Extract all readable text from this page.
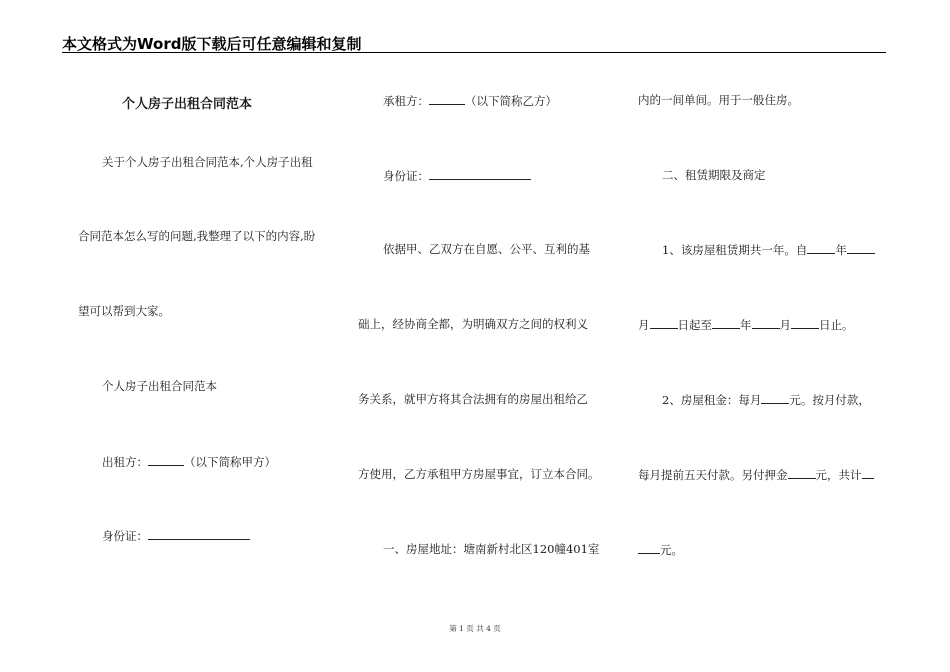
本文格式为Word版下载后可任意编辑和复制
个人房子出租合同范本
关于个人房子出租合同范本,个人房子出租
合同范本怎么写的问题,我整理了以下的内容,盼
望可以帮到大家。
个人房子出租合同范本
出租方：	（以下简称甲方）
身份证：
承租方：	（以下简称乙方）
身份证：
依据甲、乙双方在自愿、公平、互利的基
础上，经协商全都，为明确双方之间的权利义
务关系，就甲方将其合法拥有的房屋出租给乙
方使用，乙方承租甲方房屋事宜，订立本合同。
一、房屋地址：塘南新村北区120幢401室
内的一间单间。用于一般住房。
二、租赁期限及商定
1、该房屋租赁期共一年。自 年
月 日起至 年 月 日止。
2、房屋租金：每月 元。按月付款，
每月提前五天付款。另付押金 元，共计
元。
第 1 页 共 4 页
